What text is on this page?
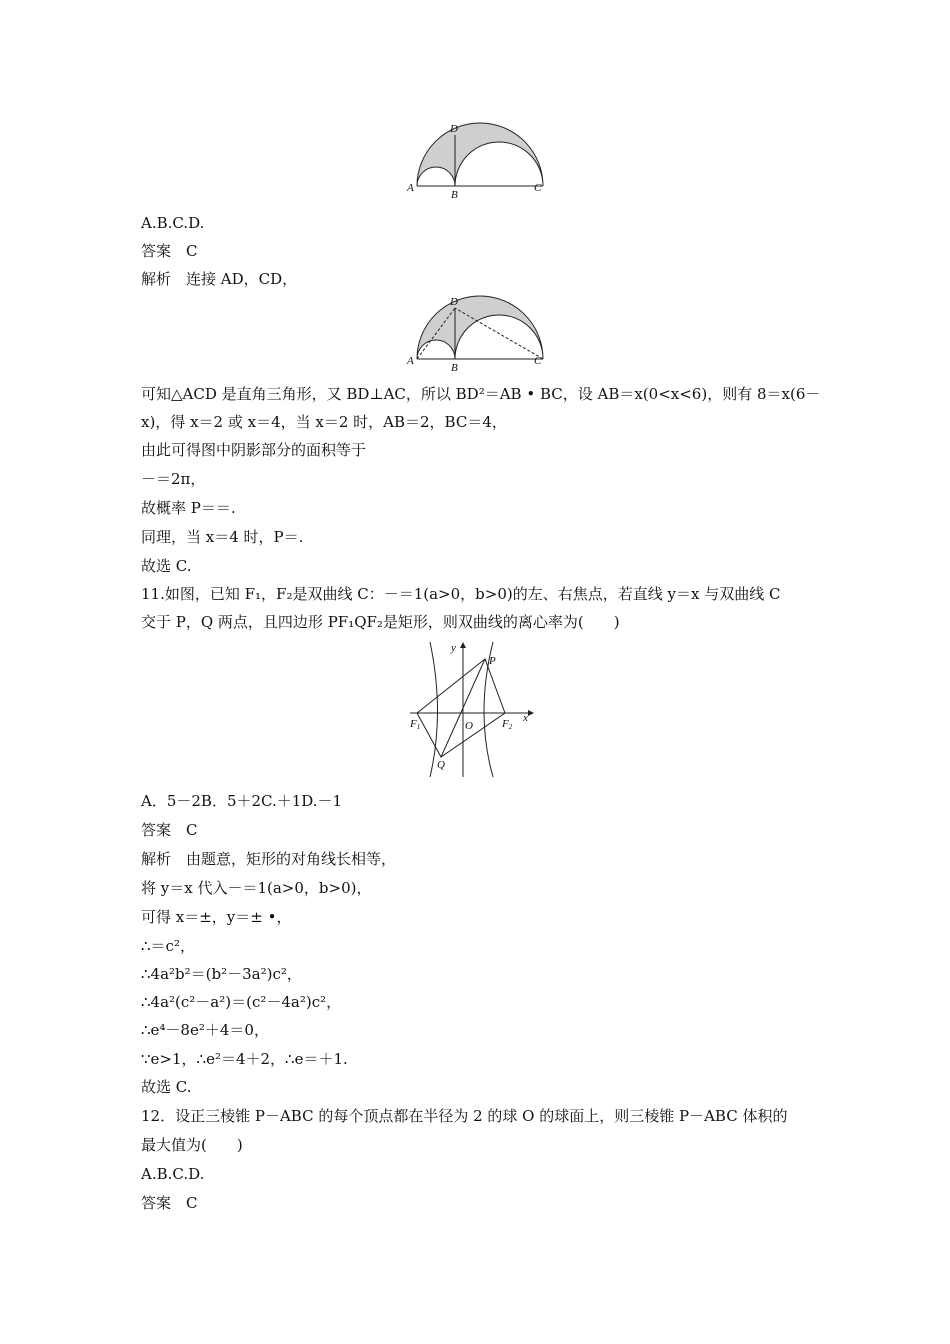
D
A
B
C
A.B.C.D.
答案　C
解析　连接 AD，CD，
D
A
B
C
可知△ACD 是直角三角形，又 BD⊥AC，所以 BD²＝AB • BC，设 AB＝x(0<x<6)，则有 8＝x(6－
x)，得 x＝2 或 x＝4，当 x＝2 时，AB＝2，BC＝4，
由此可得图中阴影部分的面积等于
－＝2π，
故概率 P＝＝.
同理，当 x＝4 时，P＝.
故选 C.
11.如图，已知 F₁，F₂是双曲线 C：－＝1(a>0，b>0)的左、右焦点，若直线 y＝x 与双曲线 C
交于 P，Q 两点，且四边形 PF₁QF₂是矩形，则双曲线的离心率为(　　)
y
x
P
Q
O
F1	F2
A．5－2B．5＋2C.＋1D.－1
答案　C
解析　由题意，矩形的对角线长相等，
将 y＝x 代入－＝1(a>0，b>0)，
可得 x＝±，y＝± •，
∴＝c²，
∴4a²b²＝(b²－3a²)c²，
∴4a²(c²－a²)＝(c²－4a²)c²，
∴e⁴－8e²＋4＝0，
∵e>1，∴e²＝4＋2，∴e＝＋1.
故选 C.
12．设正三棱锥 P－ABC 的每个顶点都在半径为 2 的球 O 的球面上，则三棱锥 P－ABC 体积的
最大值为(　　)
A.B.C.D.
答案　C
